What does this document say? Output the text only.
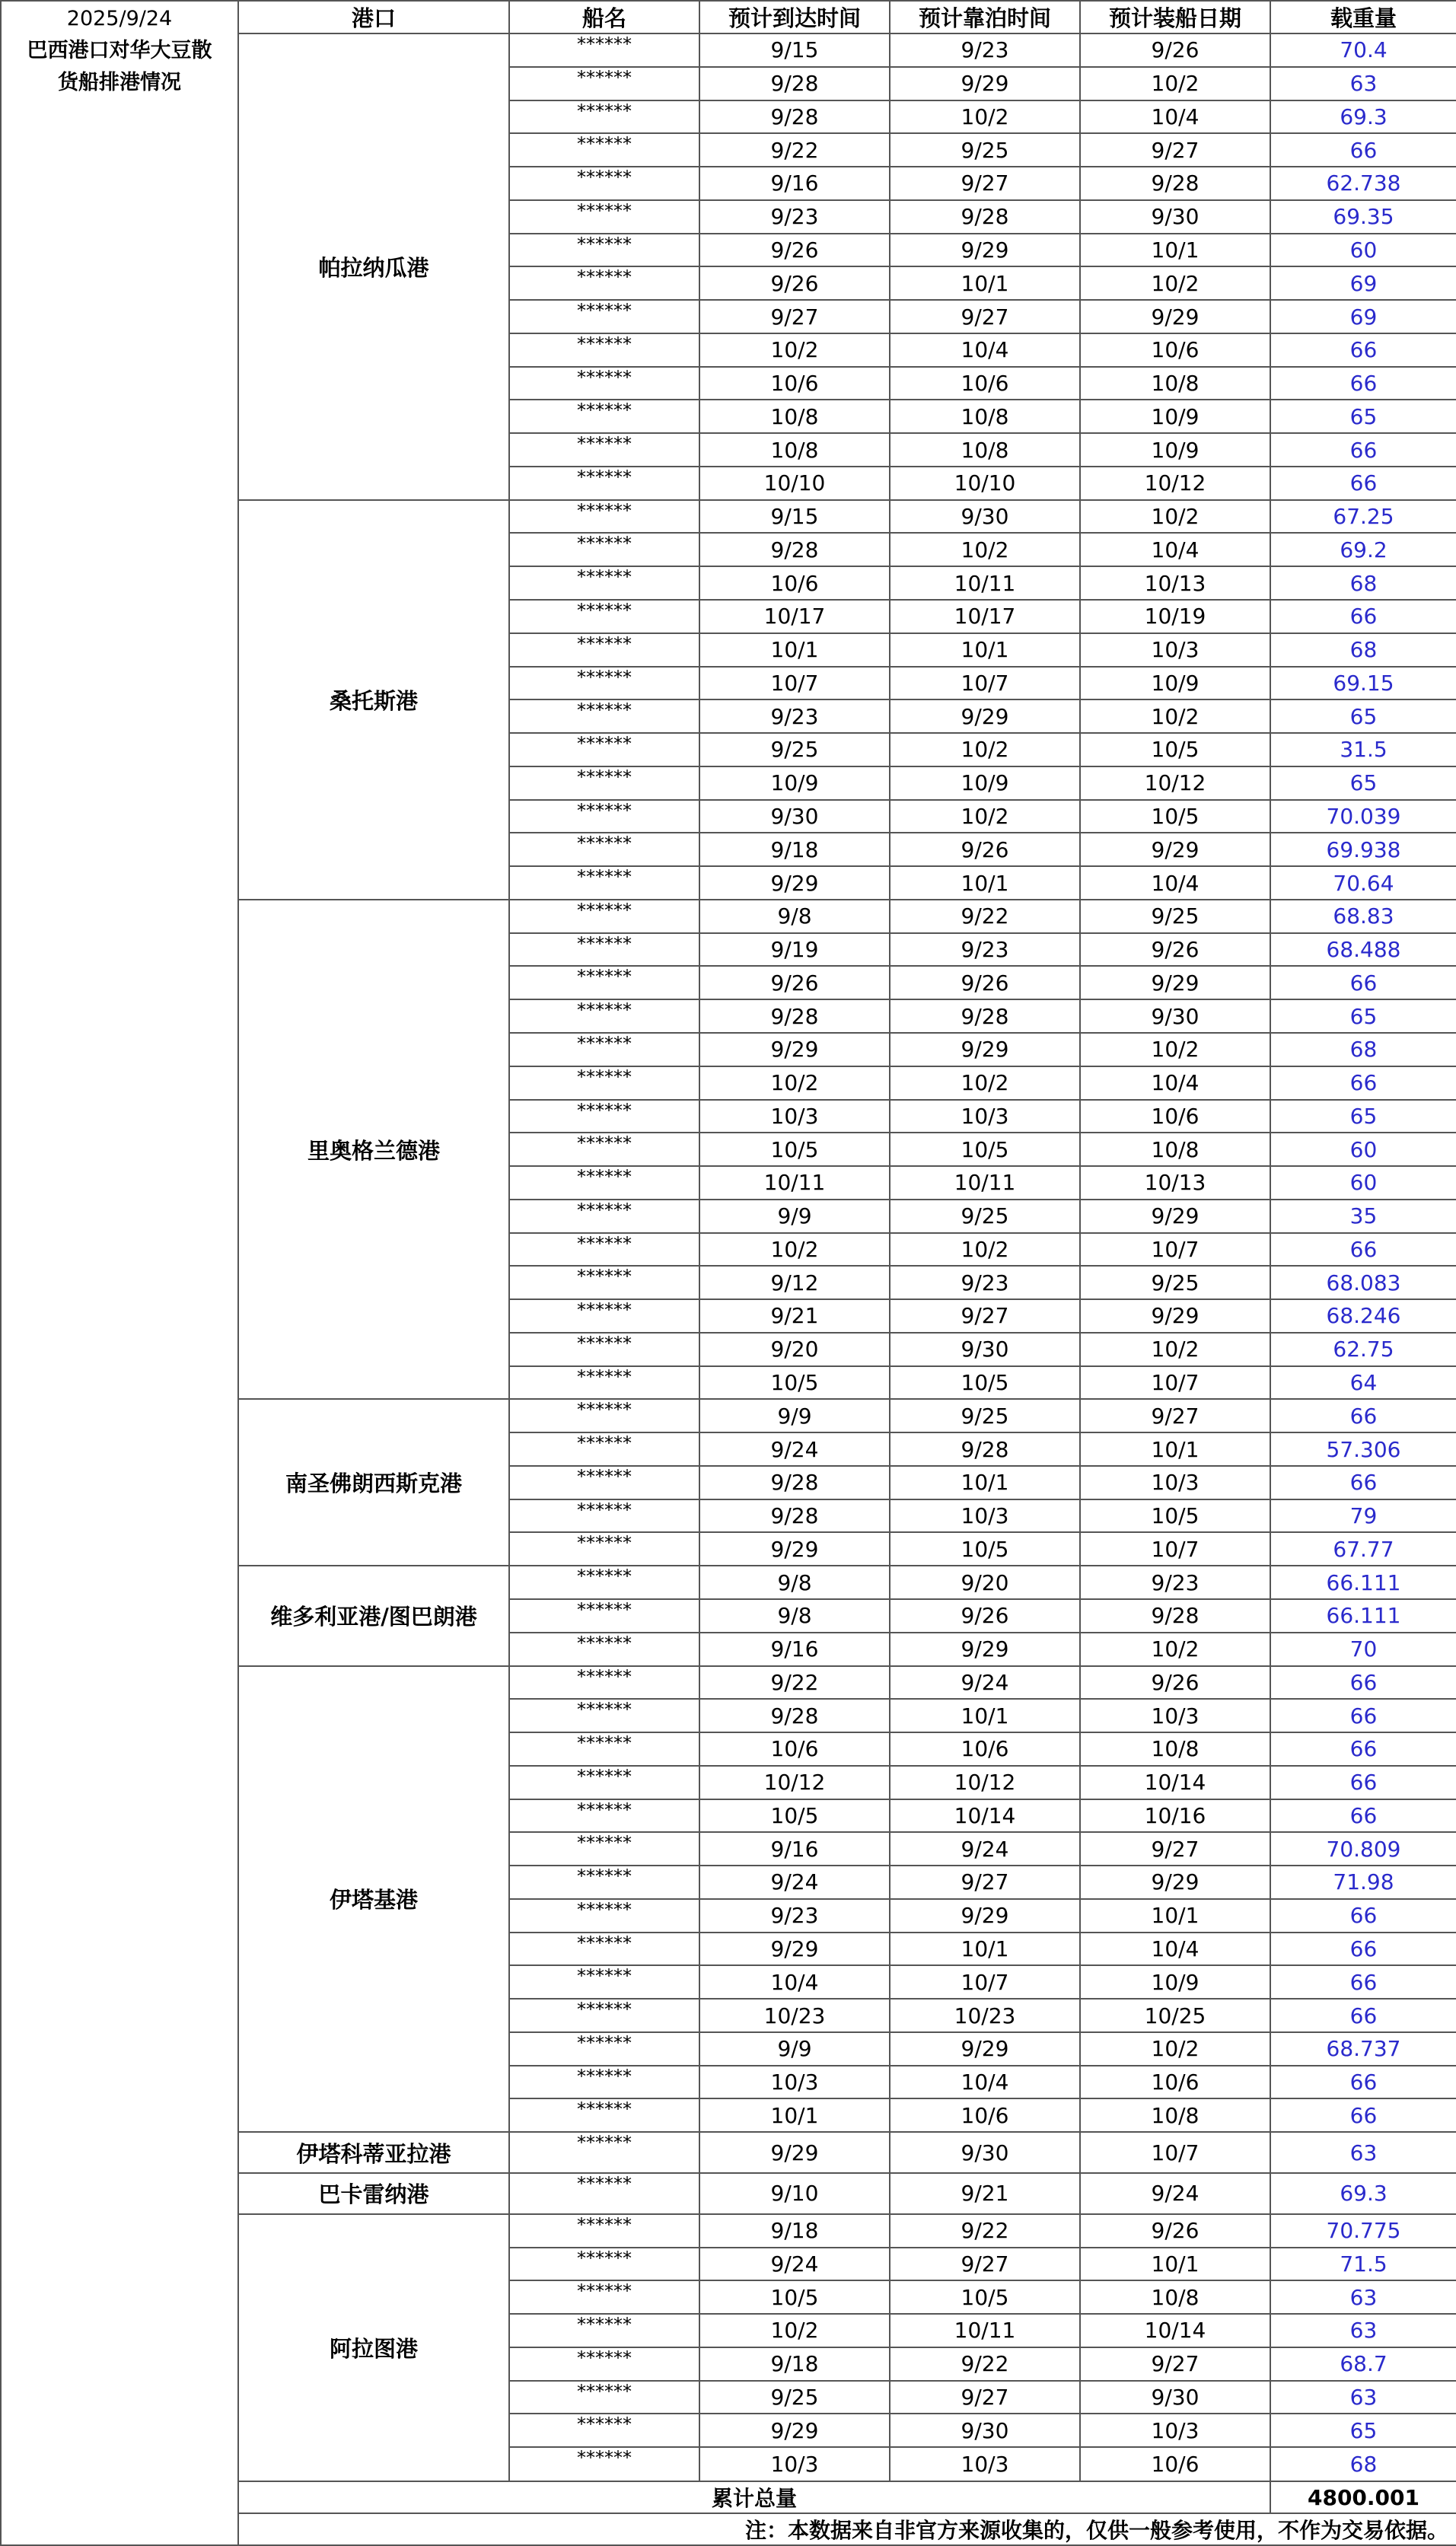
2025/9/24
巴西港口对华大豆散
货船排港情况
港口	船名	预计到达时间	预计靠泊时间	预计装船日期	载重量
帕拉纳瓜港	******	9/15	9/23	9/26	70.4
	******	9/28	9/29	10/2	63
	******	9/28	10/2	10/4	69.3
	******	9/22	9/25	9/27	66
	******	9/16	9/27	9/28	62.738
	******	9/23	9/28	9/30	69.35
	******	9/26	9/29	10/1	60
	******	9/26	10/1	10/2	69
	******	9/27	9/27	9/29	69
	******	10/2	10/4	10/6	66
	******	10/6	10/6	10/8	66
	******	10/8	10/8	10/9	65
	******	10/8	10/8	10/9	66
	******	10/10	10/10	10/12	66
桑托斯港	******	9/15	9/30	10/2	67.25
	******	9/28	10/2	10/4	69.2
	******	10/6	10/11	10/13	68
	******	10/17	10/17	10/19	66
	******	10/1	10/1	10/3	68
	******	10/7	10/7	10/9	69.15
	******	9/23	9/29	10/2	65
	******	9/25	10/2	10/5	31.5
	******	10/9	10/9	10/12	65
	******	9/30	10/2	10/5	70.039
	******	9/18	9/26	9/29	69.938
	******	9/29	10/1	10/4	70.64
里奥格兰德港	******	9/8	9/22	9/25	68.83
	******	9/19	9/23	9/26	68.488
	******	9/26	9/26	9/29	66
	******	9/28	9/28	9/30	65
	******	9/29	9/29	10/2	68
	******	10/2	10/2	10/4	66
	******	10/3	10/3	10/6	65
	******	10/5	10/5	10/8	60
	******	10/11	10/11	10/13	60
	******	9/9	9/25	9/29	35
	******	10/2	10/2	10/7	66
	******	9/12	9/23	9/25	68.083
	******	9/21	9/27	9/29	68.246
	******	9/20	9/30	10/2	62.75
	******	10/5	10/5	10/7	64
南圣佛朗西斯克港	******	9/9	9/25	9/27	66
	******	9/24	9/28	10/1	57.306
	******	9/28	10/1	10/3	66
	******	9/28	10/3	10/5	79
	******	9/29	10/5	10/7	67.77
维多利亚港/图巴朗港	******	9/8	9/20	9/23	66.111
	******	9/8	9/26	9/28	66.111
	******	9/16	9/29	10/2	70
伊塔基港	******	9/22	9/24	9/26	66
	******	9/28	10/1	10/3	66
	******	10/6	10/6	10/8	66
	******	10/12	10/12	10/14	66
	******	10/5	10/14	10/16	66
	******	9/16	9/24	9/27	70.809
	******	9/24	9/27	9/29	71.98
	******	9/23	9/29	10/1	66
	******	9/29	10/1	10/4	66
	******	10/4	10/7	10/9	66
	******	10/23	10/23	10/25	66
	******	9/9	9/29	10/2	68.737
	******	10/3	10/4	10/6	66
	******	10/1	10/6	10/8	66
伊塔科蒂亚拉港	******	9/29	9/30	10/7	63
巴卡雷纳港	******	9/10	9/21	9/24	69.3
阿拉图港	******	9/18	9/22	9/26	70.775
	******	9/24	9/27	10/1	71.5
	******	10/5	10/5	10/8	63
	******	10/2	10/11	10/14	63
	******	9/18	9/22	9/27	68.7
	******	9/25	9/27	9/30	63
	******	9/29	9/30	10/3	65
	******	10/3	10/3	10/6	68
累计总量					4800.001
注：本数据来自非官方来源收集的，仅供一般参考使用，不作为交易依据。					
